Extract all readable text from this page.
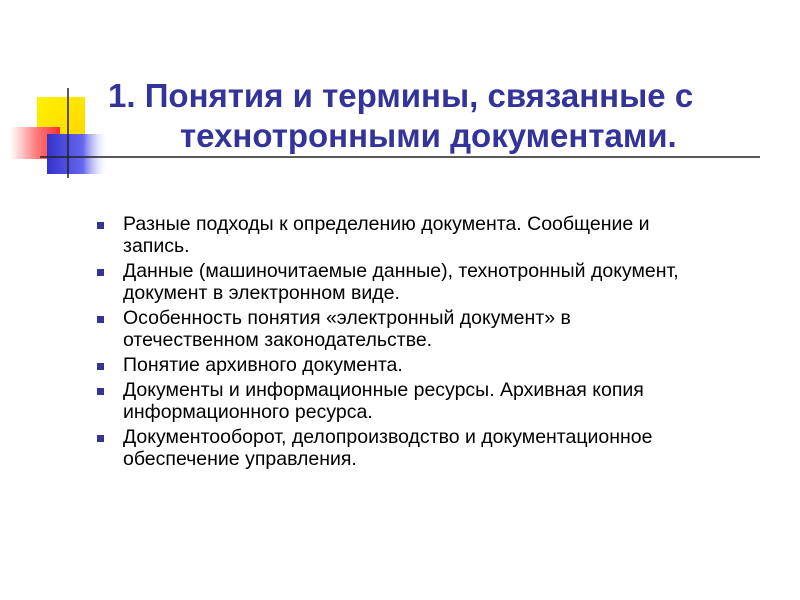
1. Понятия и термины, связанные с
технотронными документами.
Разные подходы к определению документа. Сообщение и
запись.
Данные (машиночитаемые данные), технотронный документ,
документ в электронном виде.
Особенность понятия «электронный документ» в
отечественном законодательстве.
Понятие архивного документа.
Документы и информационные ресурсы. Архивная копия
информационного ресурса.
Документооборот, делопроизводство и документационное
обеспечение управления.
